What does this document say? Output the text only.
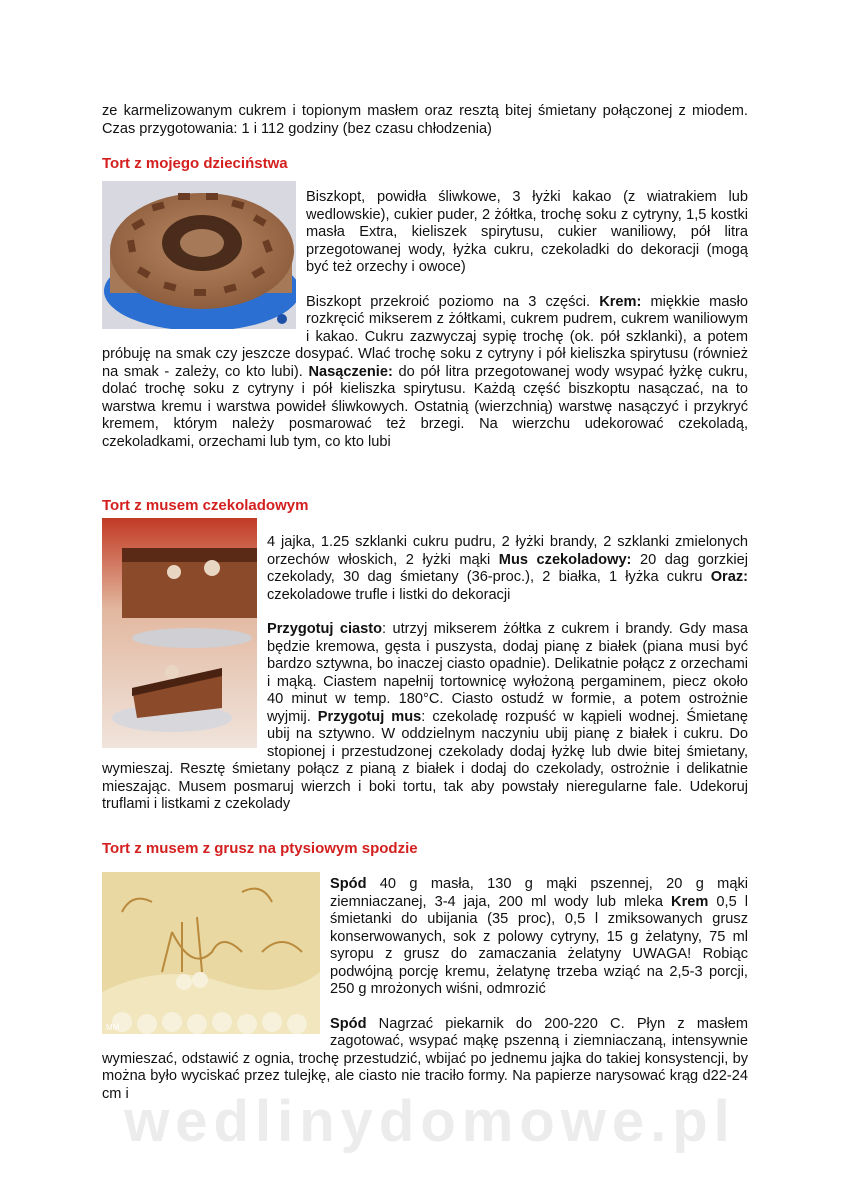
ze karmelizowanym cukrem i topionym masłem oraz resztą bitej śmietany połączonej z miodem. Czas przygotowania: 1 i 112 godziny (bez czasu chłodzenia)

Tort z mojego dzieciństwa

Biszkopt, powidła śliwkowe, 3 łyżki kakao (z wiatrakiem lub wedlowskie), cukier puder, 2 żółtka, trochę soku z cytryny, 1,5 kostki masła Extra, kieliszek spirytusu, cukier waniliowy, pół litra przegotowanej wody, łyżka cukru, czekoladki do dekoracji (mogą być też orzechy i owoce)

Biszkopt przekroić poziomo na 3 części. Krem: miękkie masło rozkręcić mikserem z żółtkami, cukrem pudrem, cukrem waniliowym i kakao. Cukru zazwyczaj sypię trochę (ok. pół szklanki), a potem próbuję na smak czy jeszcze dosypać. Wlać trochę soku z cytryny i pół kieliszka spirytusu (również na smak - zależy, co kto lubi). Nasączenie: do pół litra przegotowanej wody wsypać łyżkę cukru, dolać trochę soku z cytryny i pół kieliszka spirytusu. Każdą część biszkoptu nasączać, na to warstwa kremu i warstwa powideł śliwkowych. Ostatnią (wierzchnią) warstwę nasączyć i przykryć kremem, którym należy posmarować też brzegi. Na wierzchu udekorować czekoladą, czekoladkami, orzechami lub tym, co kto lubi

Tort z musem czekoladowym

4 jajka, 1.25 szklanki cukru pudru, 2 łyżki brandy, 2 szklanki zmielonych orzechów włoskich, 2 łyżki mąki Mus czekoladowy: 20 dag gorzkiej czekolady, 30 dag śmietany (36-proc.), 2 białka, 1 łyżka cukru Oraz: czekoladowe trufle i listki do dekoracji

Przygotuj ciasto: utrzyj mikserem żółtka z cukrem i brandy. Gdy masa będzie kremowa, gęsta i puszysta, dodaj pianę z białek (piana musi być bardzo sztywna, bo inaczej ciasto opadnie). Delikatnie połącz z orzechami i mąką. Ciastem napełnij tortownicę wyłożoną pergaminem, piecz około 40 minut w temp. 180°C. Ciasto ostudź w formie, a potem ostrożnie wyjmij. Przygotuj mus: czekoladę rozpuść w kąpieli wodnej. Śmietanę ubij na sztywno. W oddzielnym naczyniu ubij pianę z białek i cukru. Do stopionej i przestudzonej czekolady dodaj łyżkę lub dwie bitej śmietany, wymieszaj. Resztę śmietany połącz z pianą z białek i dodaj do czekolady, ostrożnie i delikatnie mieszając. Musem posmaruj wierzch i boki tortu, tak aby powstały nieregularne fale. Udekoruj truflami i listkami z czekolady

Tort z musem z grusz na ptysiowym spodzie
MM

Spód 40 g masła, 130 g mąki pszennej, 20 g mąki ziemniaczanej, 3-4 jaja, 200 ml wody lub mleka Krem 0,5 l śmietanki do ubijania (35 proc), 0,5 l zmiksowanych grusz konserwowanych, sok z polowy cytryny, 15 g żelatyny, 75 ml syropu z grusz do zamaczania żelatyny UWAGA! Robiąc podwójną porcję kremu, żelatynę trzeba wziąć na 2,5-3 porcji, 250 g mrożonych wiśni, odmrozić

Spód Nagrzać piekarnik do 200-220 C. Płyn z masłem zagotować, wsypać mąkę pszenną i ziemniaczaną, intensywnie wymieszać, odstawić z ognia, trochę przestudzić, wbijać po jednemu jajka do takiej konsystencji, by można było wyciskać przez tulejkę, ale ciasto nie traciło formy. Na papierze narysować krąg d22-24 cm i

wedlinydomowe.pl
